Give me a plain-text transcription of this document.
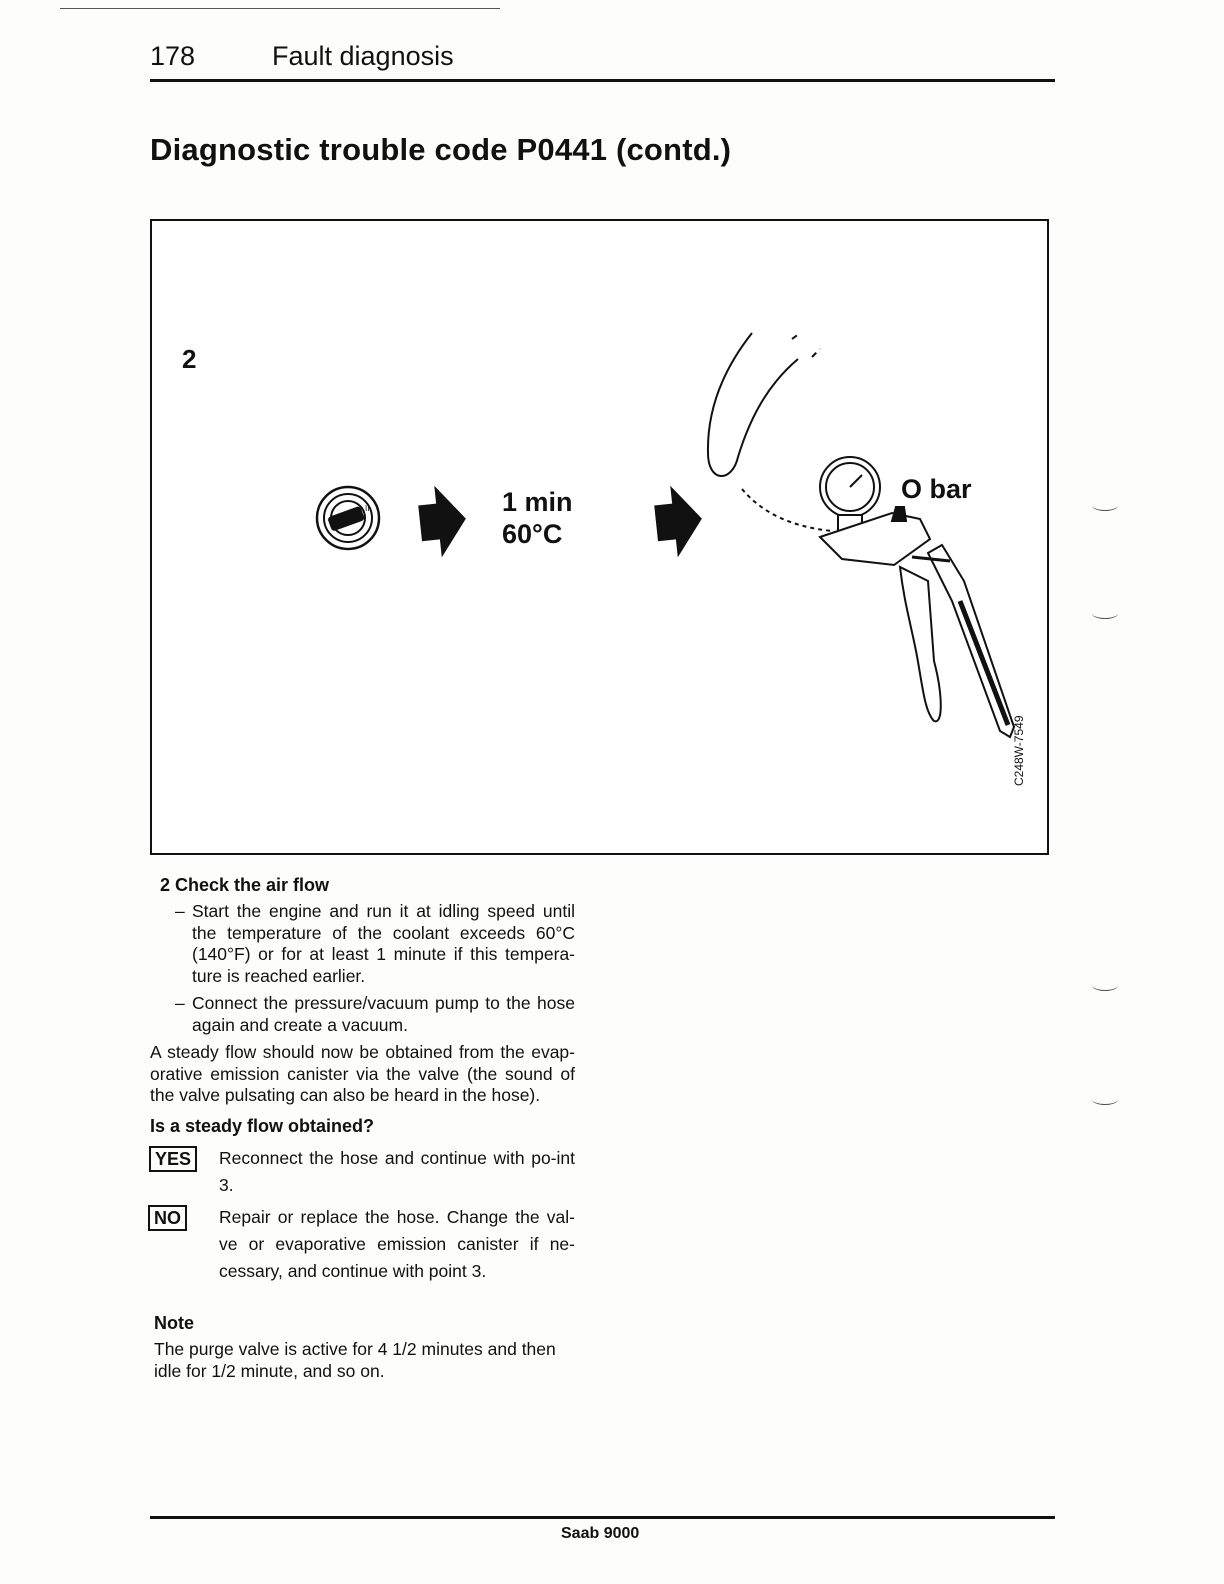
178	Fault diagnosis
Diagnostic trouble code P0441 (contd.)
II
2
1 min
60°C
O bar
C248W-7549
2 Check the air flow
– Start the engine and run it at idling speed until the temperature of the coolant exceeds 60°C (140°F) or for at least 1 minute if this tempera-ture is reached earlier.
– Connect the pressure/vacuum pump to the hose again and create a vacuum.
A steady flow should now be obtained from the evap-orative emission canister via the valve (the sound of the valve pulsating can also be heard in the hose).
Is a steady flow obtained?
YES	Reconnect the hose and continue with po-int 3.
NO	Repair or replace the hose. Change the val-ve or evaporative emission canister if ne-cessary, and continue with point 3.
Note
The purge valve is active for 4 1/2 minutes and then idle for 1/2 minute, and so on.
Saab 9000
